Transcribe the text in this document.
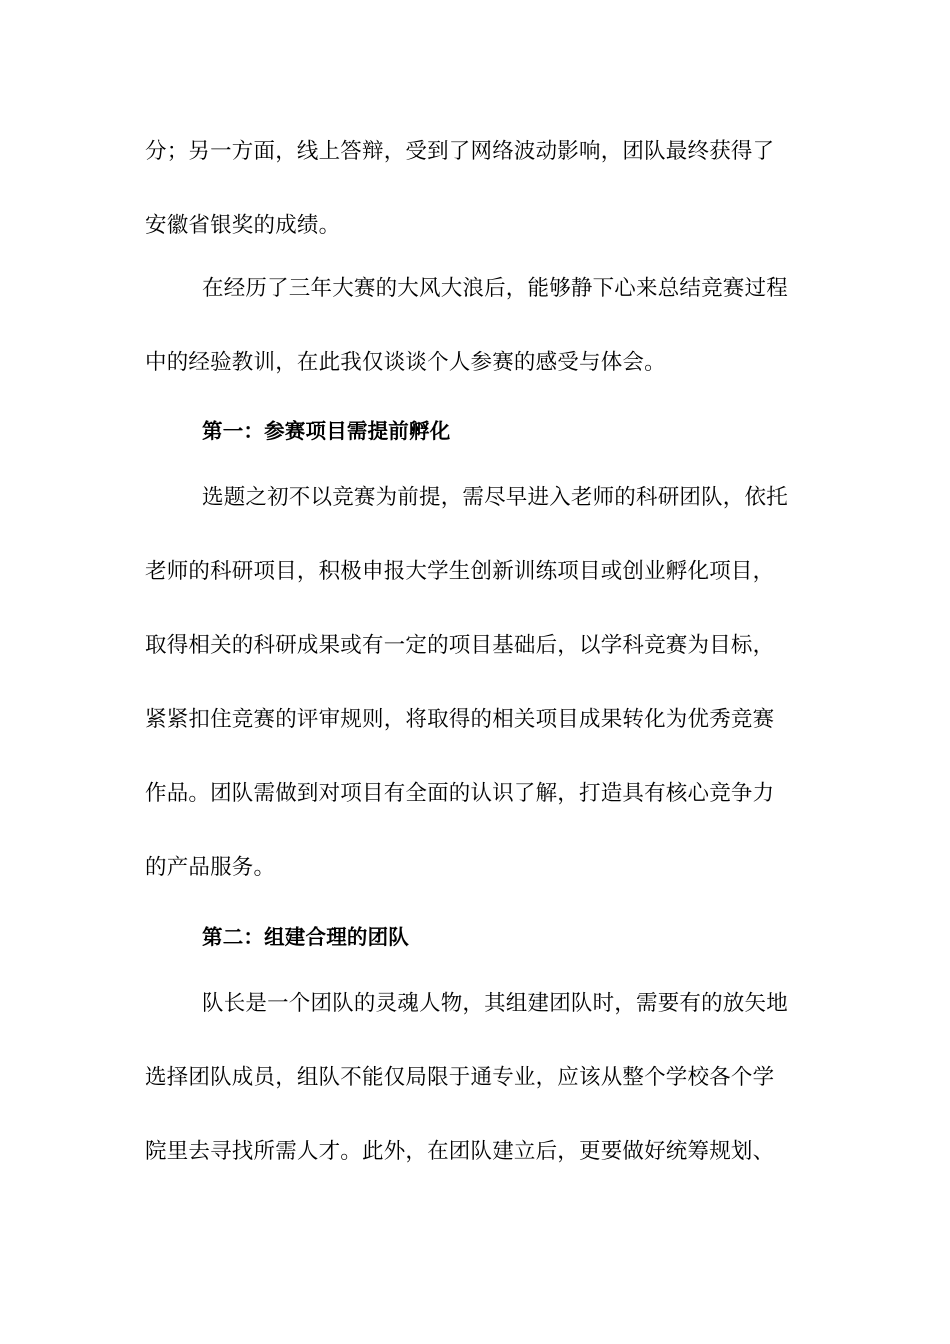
分；另一方面，线上答辩，受到了网络波动影响，团队最终获得了
安徽省银奖的成绩。
在经历了三年大赛的大风大浪后，能够静下心来总结竞赛过程
中的经验教训，在此我仅谈谈个人参赛的感受与体会。
第一：参赛项目需提前孵化
选题之初不以竞赛为前提，需尽早进入老师的科研团队，依托
老师的科研项目，积极申报大学生创新训练项目或创业孵化项目，
取得相关的科研成果或有一定的项目基础后，以学科竞赛为目标，
紧紧扣住竞赛的评审规则，将取得的相关项目成果转化为优秀竞赛
作品。团队需做到对项目有全面的认识了解，打造具有核心竞争力
的产品服务。
第二：组建合理的团队
队长是一个团队的灵魂人物，其组建团队时，需要有的放矢地
选择团队成员，组队不能仅局限于通专业，应该从整个学校各个学
院里去寻找所需人才。此外，在团队建立后，更要做好统筹规划、
